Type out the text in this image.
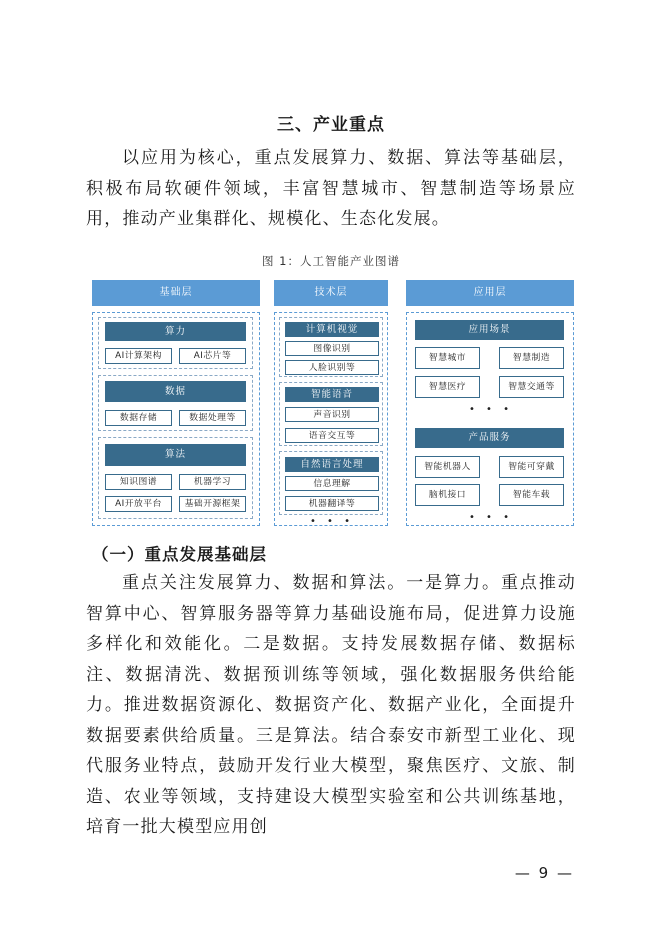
三、产业重点

以应用为核心，重点发展算力、数据、算法等基础层，积极布局软硬件领域，丰富智慧城市、智慧制造等场景应用，推动产业集群化、规模化、生态化发展。

图 1：人工智能产业图谱
基础层
算力
AI计算架构	AI芯片等
数据
数据存储	数据处理等
算法
知识图谱	机器学习
AI开放平台	基础开源框架
技术层
计算机视觉
图像识别
人脸识别等
智能语音
声音识别
语音交互等
自然语言处理
信息理解
机器翻译等
• • •
应用层
应用场景
智慧城市	智慧制造
智慧医疗	智慧交通等
• • •
产品服务
智能机器人	智能可穿戴
脑机接口	智能车载
• • •
（一）重点发展基础层

重点关注发展算力、数据和算法。一是算力。重点推动智算中心、智算服务器等算力基础设施布局，促进算力设施多样化和效能化。二是数据。支持发展数据存储、数据标注、数据清洗、数据预训练等领域，强化数据服务供给能力。推进数据资源化、数据资产化、数据产业化，全面提升数据要素供给质量。三是算法。结合泰安市新型工业化、现代服务业特点，鼓励开发行业大模型，聚焦医疗、文旅、制造、农业等领域，支持建设大模型实验室和公共训练基地，培育一批大模型应用创

— 9 —
